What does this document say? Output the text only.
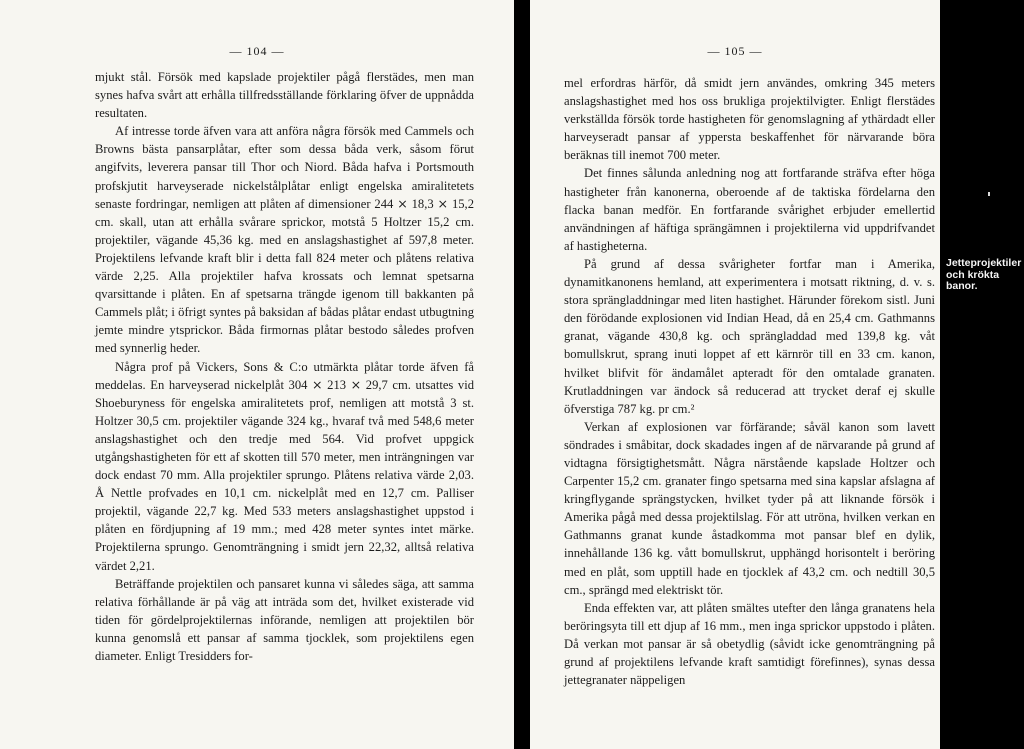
— 104 —

mjukt stål. Försök med kapslade projektiler pågå flerstädes, men man synes hafva svårt att erhålla tillfredsställande förklaring öfver de uppnådda resultaten.

Af intresse torde äfven vara att anföra några försök med Cammels och Browns bästa pansarplåtar, efter som dessa båda verk, såsom förut angifvits, leverera pansar till Thor och Niord. Båda hafva i Portsmouth profskjutit harveyserade nickelstålplåtar enligt engelska amiralitetets senaste fordringar, nemligen att plåten af dimensioner 244 ⨯ 18,3 ⨯ 15,2 cm. skall, utan att erhålla svårare sprickor, motstå 5 Holtzer 15,2 cm. projektiler, vägande 45,36 kg. med en anslagshastighet af 597,8 meter. Projektilens lefvande kraft blir i detta fall 824 meter och plåtens relativa värde 2,25. Alla projektiler hafva krossats och lemnat spetsarna qvarsittande i plåten. En af spetsarna trängde igenom till bakkanten på Cammels plåt; i öfrigt syntes på baksidan af bådas plåtar endast utbugtning jemte mindre ytsprickor. Båda firmornas plåtar bestodo således profven med synnerlig heder.

Några prof på Vickers, Sons & C:o utmärkta plåtar torde äfven få meddelas. En harveyserad nickelplåt 304 ⨯ 213 ⨯ 29,7 cm. utsattes vid Shoeburyness för engelska amiralitetets prof, nemligen att motstå 3 st. Holtzer 30,5 cm. projektiler vägande 324 kg., hvaraf två med 548,6 meter anslagshastighet och den tredje med 564. Vid profvet uppgick utgångshastigheten för ett af skotten till 570 meter, men inträngningen var dock endast 70 mm. Alla projektiler sprungo. Plåtens relativa värde 2,03. Å Nettle profvades en 10,1 cm. nickelplåt med en 12,7 cm. Palliser projektil, vägande 22,7 kg. Med 533 meters anslagshastighet uppstod i plåten en fördjupning af 19 mm.; med 428 meter syntes intet märke. Projektilerna sprungo. Genomträngning i smidt jern 22,32, alltså relativa värdet 2,21.

Beträffande projektilen och pansaret kunna vi således säga, att samma relativa förhållande är på väg att inträda som det, hvilket existerade vid tiden för gördelprojektilernas införande, nemligen att projektilen bör kunna genomslå ett pansar af samma tjocklek, som projektilens egen diameter. Enligt Tresidders for-

— 105 —

mel erfordras härför, då smidt jern användes, omkring 345 meters anslagshastighet med hos oss brukliga projektilvigter. Enligt flerstädes verkställda försök torde hastigheten för genomslagning af ythärdadt eller harveyseradt pansar af yppersta beskaffenhet för närvarande böra beräknas till inemot 700 meter.

Det finnes sålunda anledning nog att fortfarande sträfva efter höga hastigheter från kanonerna, oberoende af de taktiska fördelarna den flacka banan medför. En fortfarande svårighet erbjuder emellertid användningen af häftiga sprängämnen i projektilerna vid uppdrifvandet af hastigheterna.

På grund af dessa svårigheter fortfar man i Amerika, dynamitkanonens hemland, att experimentera i motsatt riktning, d. v. s. stora sprängladdningar med liten hastighet. Härunder förekom sistl. Juni den förödande explosionen vid Indian Head, då en 25,4 cm. Gathmanns granat, vägande 430,8 kg. och sprängladdad med 139,8 kg. våt bomullskrut, sprang inuti loppet af ett kärnrör till en 33 cm. kanon, hvilket blifvit för ändamålet apteradt för den omtalade granaten. Krutladdningen var ändock så reducerad att trycket deraf ej skulle öfverstiga 787 kg. pr cm.²

Verkan af explosionen var förfärande; såväl kanon som lavett söndrades i småbitar, dock skadades ingen af de närvarande på grund af vidtagna försigtighetsmått. Några närstående kapslade Holtzer och Carpenter 15,2 cm. granater fingo spetsarna med sina kapslar afslagna af kringflygande sprängstycken, hvilket tyder på att liknande försök i Amerika pågå med dessa projektilslag. För att utröna, hvilken verkan en Gathmanns granat kunde åstadkomma mot pansar blef en dylik, innehållande 136 kg. vått bomullskrut, upphängd horisontelt i beröring med en plåt, som upptill hade en tjocklek af 43,2 cm. och nedtill 30,5 cm., sprängd med elektriskt tör.

Enda effekten var, att plåten smältes utefter den långa granatens hela beröringsyta till ett djup af 16 mm., men inga sprickor uppstodo i plåten. Då verkan mot pansar är så obetydlig (såvidt icke genomträngning på grund af projektilens lefvande kraft samtidigt förefinnes), synas dessa jettegranater näppeligen

Jetteprojektiler och krökta banor.
